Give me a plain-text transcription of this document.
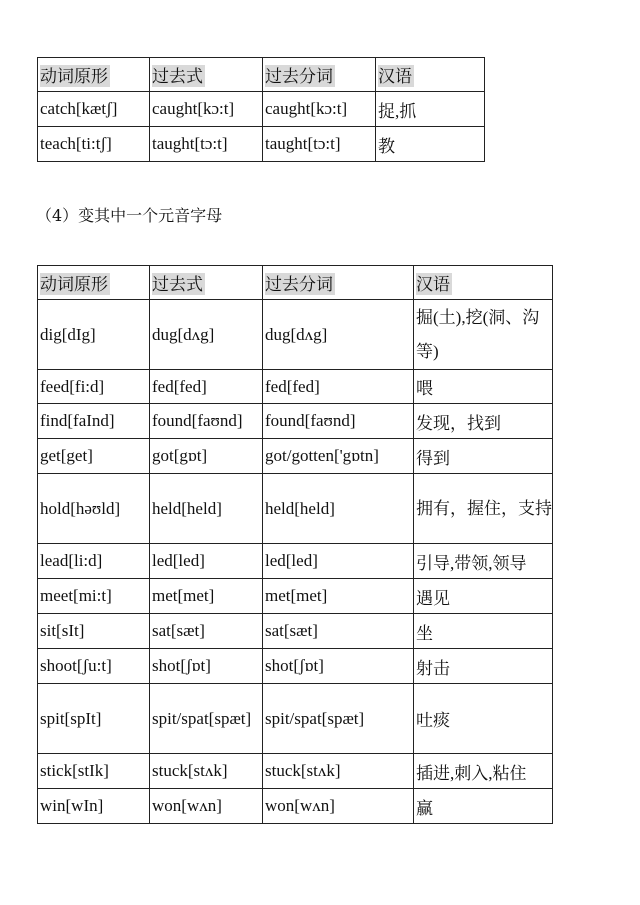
动词原形	过去式	过去分词	汉语
catch[kætʃ]	caught[kɔ:t]	caught[kɔ:t]	捉,抓
teach[ti:tʃ]	taught[tɔ:t]	taught[tɔ:t]	教
（4）变其中一个元音字母
动词原形	过去式	过去分词	汉语
dig[dIg]	dug[dʌg]	dug[dʌg]	掘(土),挖(洞、沟等)
feed[fi:d]	fed[fed]	fed[fed]	喂
find[faInd]	found[faʊnd]	found[faʊnd]	发现，找到
get[get]	got[gɒt]	got/gotten['gɒtn]	得到
hold[həʊld]	held[held]	held[held]	拥有，握住，支持
lead[li:d]	led[led]	led[led]	引导,带领,领导
meet[mi:t]	met[met]	met[met]	遇见
sit[sIt]	sat[sæt]	sat[sæt]	坐
shoot[ʃu:t]	shot[ʃɒt]	shot[ʃɒt]	射击
spit[spIt]	spit/spat[spæt]	spit/spat[spæt]	吐痰
stick[stIk]	stuck[stʌk]	stuck[stʌk]	插进,刺入,粘住
win[wIn]	won[wʌn]	won[wʌn]	赢
